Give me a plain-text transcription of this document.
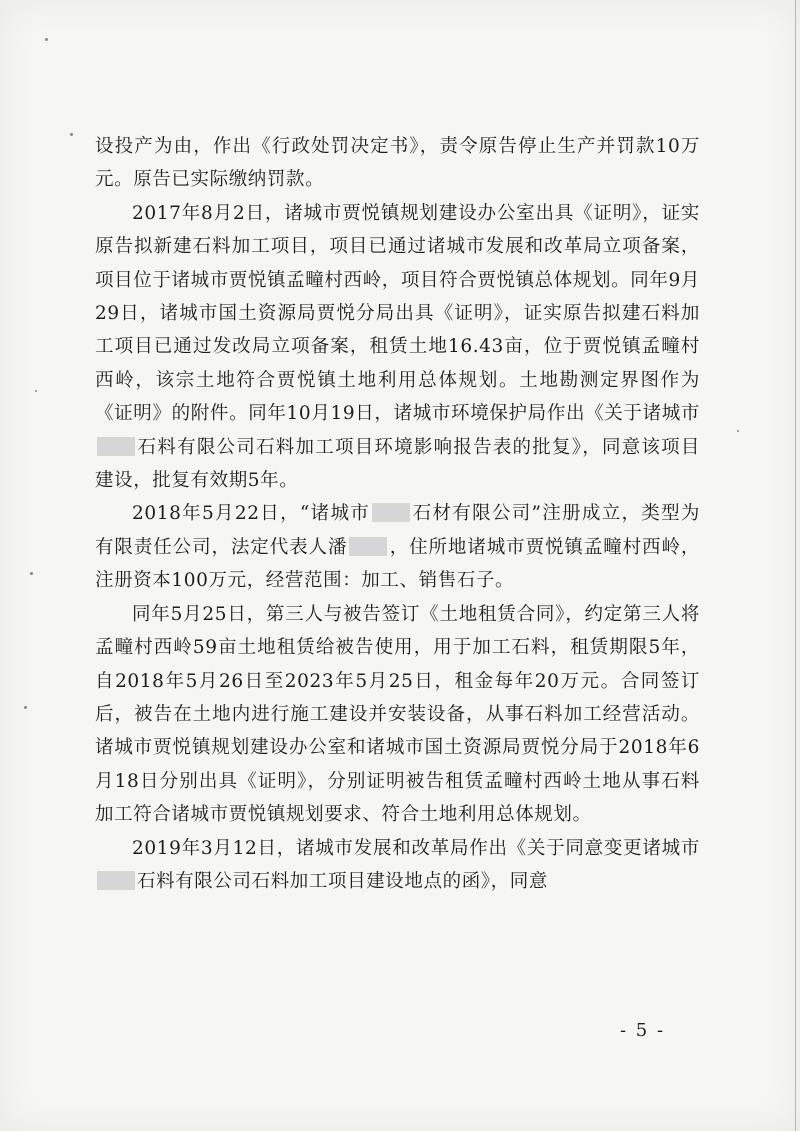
设投产为由，作出《行政处罚决定书》，责令原告停止生产并罚款10万元。原告已实际缴纳罚款。

2017年8月2日，诸城市贾悦镇规划建设办公室出具《证明》，证实原告拟新建石料加工项目，项目已通过诸城市发展和改革局立项备案，项目位于诸城市贾悦镇孟疃村西岭，项目符合贾悦镇总体规划。同年9月29日，诸城市国土资源局贾悦分局出具《证明》，证实原告拟建石料加工项目已通过发改局立项备案，租赁土地16.43亩，位于贾悦镇孟疃村西岭，该宗土地符合贾悦镇土地利用总体规划。土地勘测定界图作为《证明》的附件。同年10月19日，诸城市环境保护局作出《关于诸城市石料有限公司石料加工项目环境影响报告表的批复》，同意该项目建设，批复有效期5年。

2018年5月22日，“诸城市 石材有限公司”注册成立，类型为有限责任公司，法定代表人潘 ，住所地诸城市贾悦镇孟疃村西岭，注册资本100万元，经营范围：加工、销售石子。

同年5月25日，第三人与被告签订《土地租赁合同》，约定第三人将孟疃村西岭59亩土地租赁给被告使用，用于加工石料，租赁期限5年，自2018年5月26日至2023年5月25日，租金每年20万元。合同签订后，被告在土地内进行施工建设并安装设备，从事石料加工经营活动。诸城市贾悦镇规划建设办公室和诸城市国土资源局贾悦分局于2018年6月18日分别出具《证明》，分别证明被告租赁孟疃村西岭土地从事石料加工符合诸城市贾悦镇规划要求、符合土地利用总体规划。

2019年3月12日，诸城市发展和改革局作出《关于同意变更诸城市石料有限公司石料加工项目建设地点的函》，同意

- 5 -
